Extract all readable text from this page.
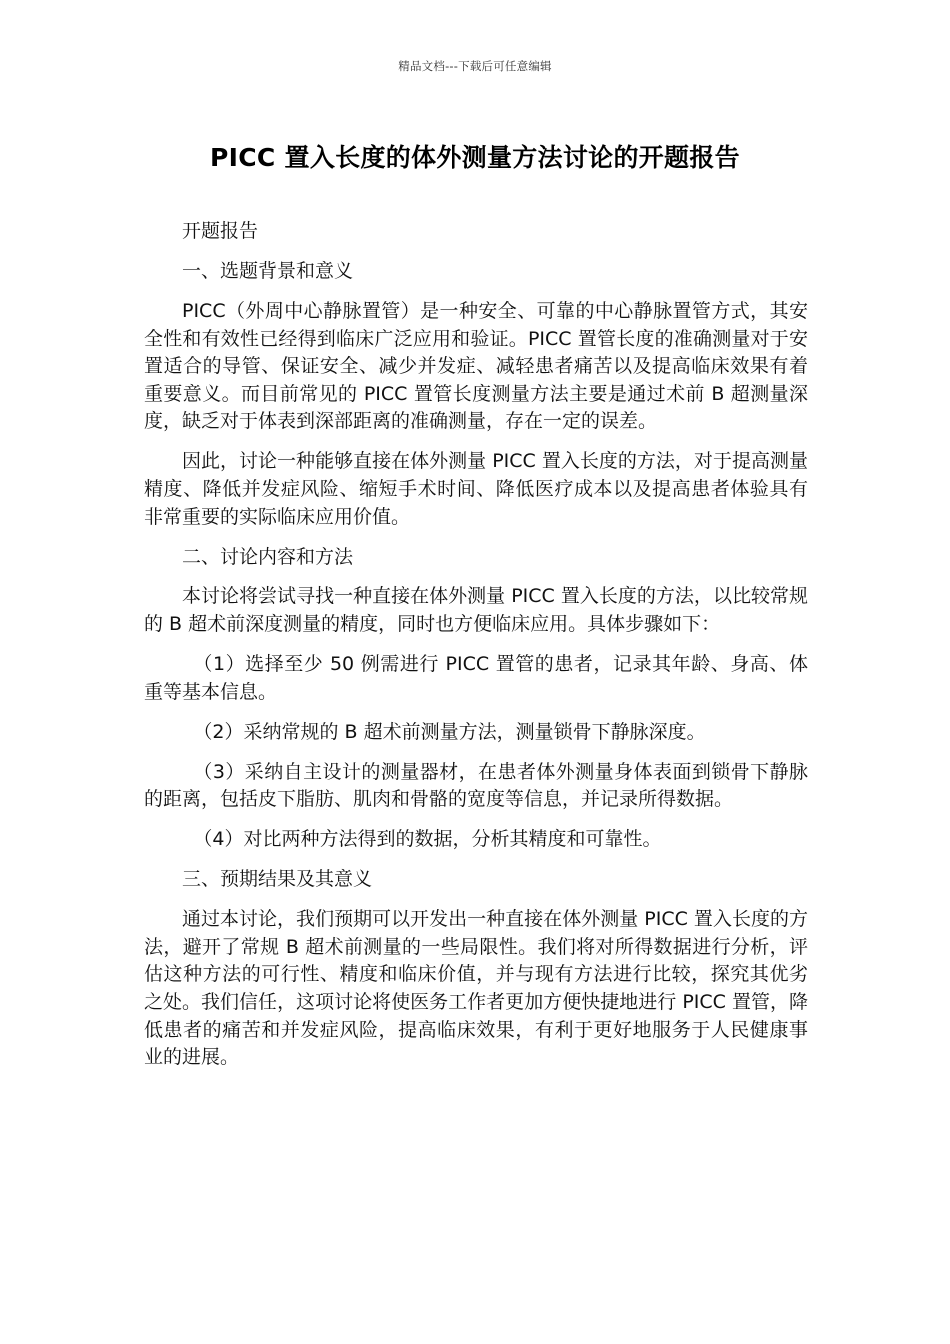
精品文档---下载后可任意编辑
PICC 置入长度的体外测量方法讨论的开题报告

开题报告

一、选题背景和意义

PICC（外周中心静脉置管）是一种安全、可靠的中心静脉置管方式，其安全性和有效性已经得到临床广泛应用和验证。PICC 置管长度的准确测量对于安置适合的导管、保证安全、减少并发症、减轻患者痛苦以及提高临床效果有着重要意义。而目前常见的 PICC 置管长度测量方法主要是通过术前 B 超测量深度，缺乏对于体表到深部距离的准确测量，存在一定的误差。

因此，讨论一种能够直接在体外测量 PICC 置入长度的方法，对于提高测量精度、降低并发症风险、缩短手术时间、降低医疗成本以及提高患者体验具有非常重要的实际临床应用价值。

二、讨论内容和方法

本讨论将尝试寻找一种直接在体外测量 PICC 置入长度的方法，以比较常规的 B 超术前深度测量的精度，同时也方便临床应用。具体步骤如下：

（1）选择至少 50 例需进行 PICC 置管的患者，记录其年龄、身高、体重等基本信息。

（2）采纳常规的 B 超术前测量方法，测量锁骨下静脉深度。

（3）采纳自主设计的测量器材，在患者体外测量身体表面到锁骨下静脉的距离，包括皮下脂肪、肌肉和骨骼的宽度等信息，并记录所得数据。

（4）对比两种方法得到的数据，分析其精度和可靠性。

三、预期结果及其意义

通过本讨论，我们预期可以开发出一种直接在体外测量 PICC 置入长度的方法，避开了常规 B 超术前测量的一些局限性。我们将对所得数据进行分析，评估这种方法的可行性、精度和临床价值，并与现有方法进行比较，探究其优劣之处。我们信任，这项讨论将使医务工作者更加方便快捷地进行 PICC 置管，降低患者的痛苦和并发症风险，提高临床效果，有利于更好地服务于人民健康事业的进展。
